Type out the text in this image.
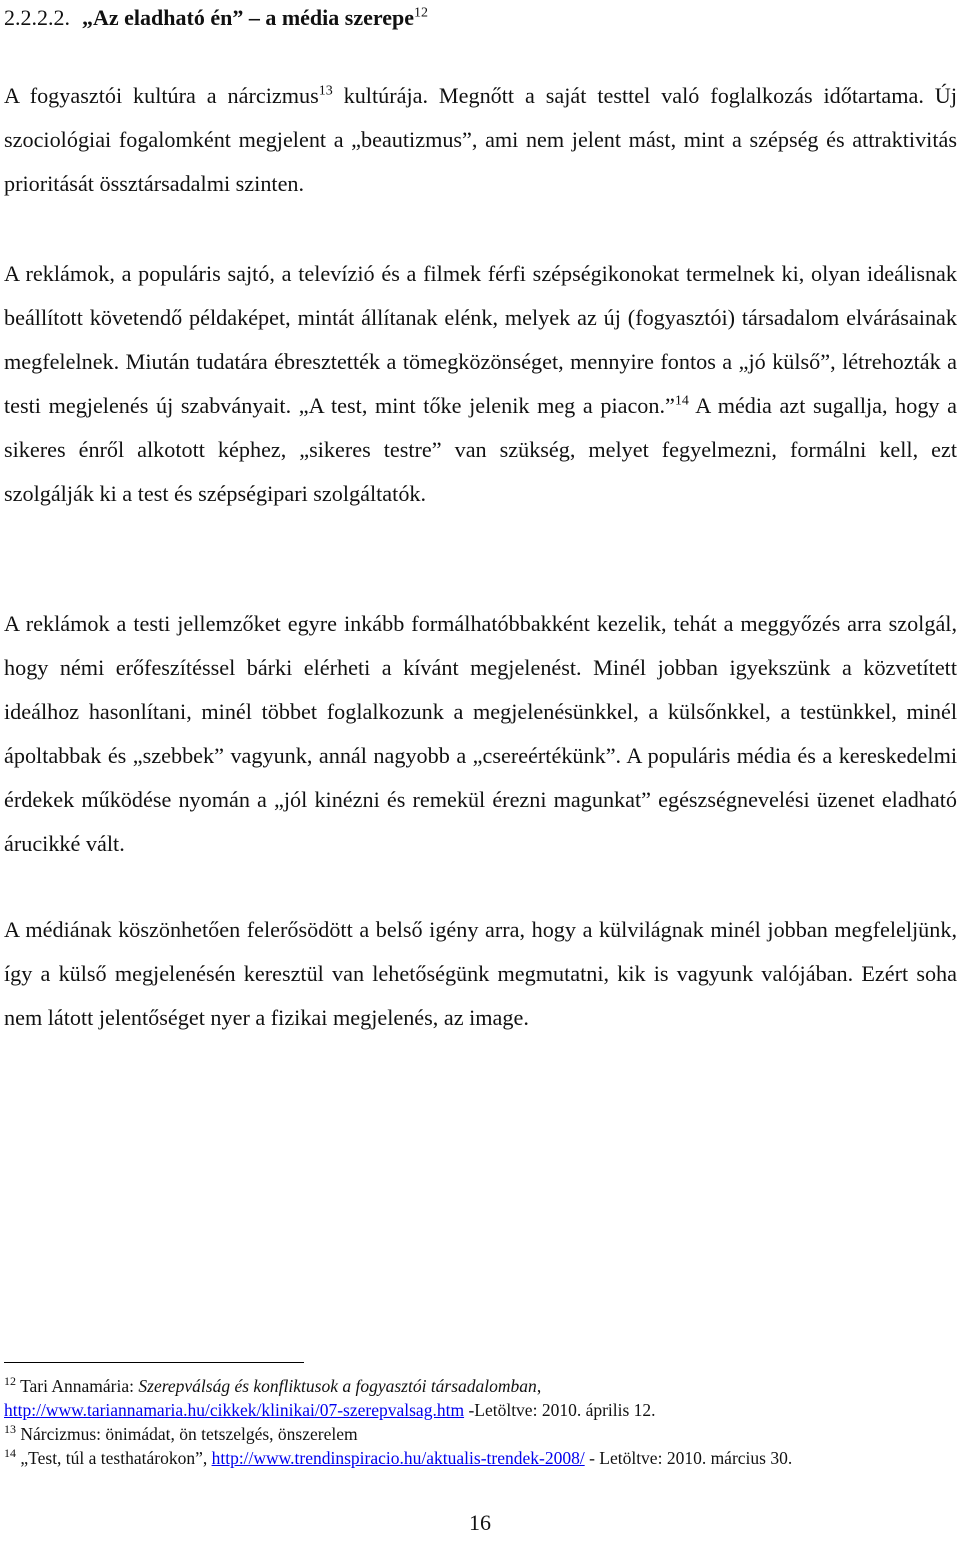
2.2.2.2. „Az eladható én” – a média szerepe$^{12}$

A fogyasztói kultúra a nárcizmus$^{13}$ kultúrája. Megnőtt a saját testtel való foglalkozás időtartama. Új szociológiai fogalomként megjelent a „beautizmus”, ami nem jelent mást, mint a szépség és attraktivitás prioritását össztársadalmi szinten.

A reklámok, a populáris sajtó, a televízió és a filmek férfi szépségikonokat termelnek ki, olyan ideálisnak beállított követendő példaképet, mintát állítanak elénk, melyek az új (fogyasztói) társadalom elvárásainak megfelelnek. Miután tudatára ébresztették a tömegközönséget, mennyire fontos a „jó külső”, létrehozták a testi megjelenés új szabványait. „A test, mint tőke jelenik meg a piacon.”$^{14}$ A média azt sugallja, hogy a sikeres énről alkotott képhez, „sikeres testre” van szükség, melyet fegyelmezni, formálni kell, ezt szolgálják ki a test és szépségipari szolgáltatók.

A reklámok a testi jellemzőket egyre inkább formálhatóbbakként kezelik, tehát a meggyőzés arra szolgál, hogy némi erőfeszítéssel bárki elérheti a kívánt megjelenést. Minél jobban igyekszünk a közvetített ideálhoz hasonlítani, minél többet foglalkozunk a megjelenésünkkel, a külsőnkkel, a testünkkel, minél ápoltabbak és „szebbek” vagyunk, annál nagyobb a „csereértékünk”. A populáris média és a kereskedelmi érdekek működése nyomán a „jól kinézni és remekül érezni magunkat” egészségnevelési üzenet eladható árucikké vált.

A médiának köszönhetően felerősödött a belső igény arra, hogy a külvilágnak minél jobban megfeleljünk, így a külső megjelenésén keresztül van lehetőségünk megmutatni, kik is vagyunk valójában. Ezért soha nem látott jelentőséget nyer a fizikai megjelenés, az image.

$^{12}$ Tari Annamária: Szerepválság és konfliktusok a fogyasztói társadalomban,
http://www.tariannamaria.hu/cikkek/klinikai/07-szerepvalsag.htm -Letöltve: 2010. április 12.

$^{13}$ Nárcizmus: önimádat, ön tetszelgés, önszerelem

$^{14}$ „Test, túl a testhatárokon”, http://www.trendinspiracio.hu/aktualis-trendek-2008/ - Letöltve: 2010. március 30.

16
